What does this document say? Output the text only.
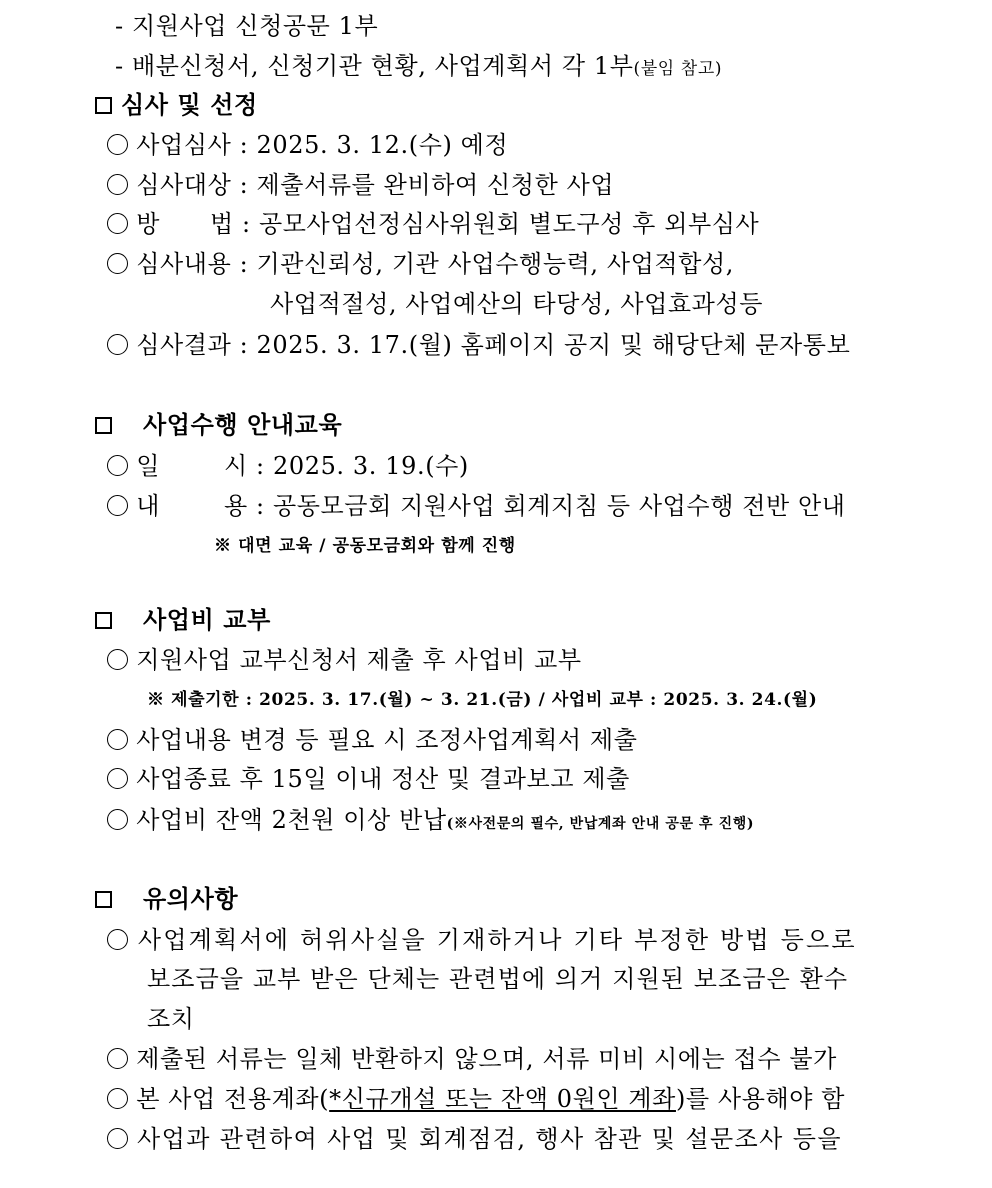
- 지원사업 신청공문 1부
- 배분신청서, 신청기관 현황, 사업계획서 각 1부(붙임 참고)
심사 및 선정
사업심사 : 2025. 3. 12.(수) 예정
심사대상 : 제출서류를 완비하여 신청한 사업
방 법 : 공모사업선정심사위원회 별도구성 후 외부심사
심사내용 : 기관신뢰성, 기관 사업수행능력, 사업적합성,
사업적절성, 사업예산의 타당성, 사업효과성등
심사결과 : 2025. 3. 17.(월) 홈페이지 공지 및 해당단체 문자통보
사업수행 안내교육
일	시 : 2025. 3. 19.(수)
내	용 : 공동모금회 지원사업 회계지침 등 사업수행 전반 안내
※ 대면 교육 / 공동모금회와 함께 진행
사업비 교부
지원사업 교부신청서 제출 후 사업비 교부
※ 제출기한 : 2025. 3. 17.(월) ~ 3. 21.(금) / 사업비 교부 : 2025. 3. 24.(월)
사업내용 변경 등 필요 시 조정사업계획서 제출
사업종료 후 15일 이내 정산 및 결과보고 제출
사업비 잔액 2천원 이상 반납(※사전문의 필수, 반납계좌 안내 공문 후 진행)
유의사항
사업계획서에 허위사실을 기재하거나 기타 부정한 방법 등으로
보조금을 교부 받은 단체는 관련법에 의거 지원된 보조금은 환수
조치
제출된 서류는 일체 반환하지 않으며, 서류 미비 시에는 접수 불가
본 사업 전용계좌(*신규개설 또는 잔액 0원인 계좌)를 사용해야 함
사업과 관련하여 사업 및 회계점검, 행사 참관 및 설문조사 등을
